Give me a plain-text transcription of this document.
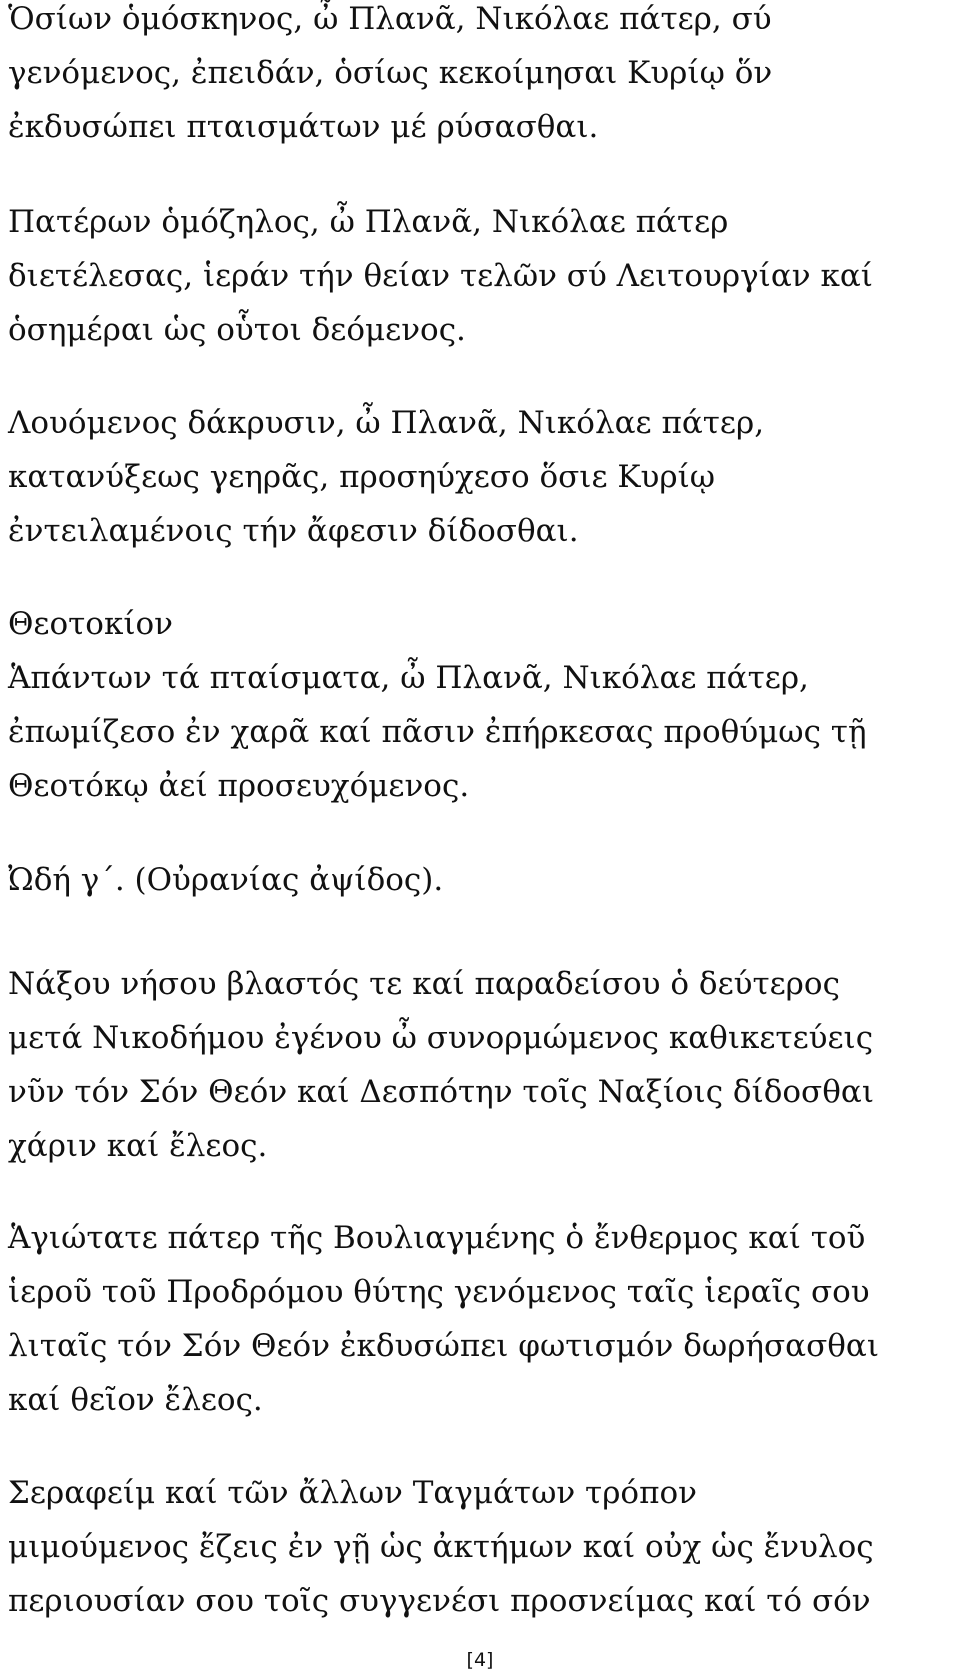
Ὁσίων ὁμόσκηνος, ὦ Πλανᾶ, Νικόλαε πάτερ, σύ
γενόμενος, ἐπειδάν, ὁσίως κεκοίμησαι Κυρίῳ ὅν
ἐκδυσώπει πταισμάτων μέ ρύσασθαι.

Πατέρων ὁμόζηλος, ὦ Πλανᾶ, Νικόλαε πάτερ
διετέλεσας, ἱεράν τήν θείαν τελῶν σύ Λειτουργίαν καί
ὁσημέραι ὡς οὗτοι δεόμενος.

Λουόμενος δάκρυσιν, ὦ Πλανᾶ, Νικόλαε πάτερ,
κατανύξεως γεηρᾶς, προσηύχεσο ὅσιε Κυρίῳ
ἐντειλαμένοις τήν ἄφεσιν δίδοσθαι.

Θεοτοκίον
Ἁπάντων τά πταίσματα, ὦ Πλανᾶ, Νικόλαε πάτερ,
ἐπωμίζεσο ἐν χαρᾶ καί πᾶσιν ἐπήρκεσας προθύμως τῇ
Θεοτόκῳ ἀεί προσευχόμενος.

Ὠδή γ΄. (Οὐρανίας ἀψίδος).

Νάξου νήσου βλαστός τε καί παραδείσου ὁ δεύτερος
μετά Νικοδήμου ἐγένου ὦ συνορμώμενος καθικετεύεις
νῦν τόν Σόν Θεόν καί Δεσπότην τοῖς Ναξίοις δίδοσθαι
χάριν καί ἔλεος.

Ἁγιώτατε πάτερ τῆς Βουλιαγμένης ὁ ἔνθερμος καί τοῦ
ἱεροῦ τοῦ Προδρόμου θύτης γενόμενος ταῖς ἱεραῖς σου
λιταῖς τόν Σόν Θεόν ἐκδυσώπει φωτισμόν δωρήσασθαι
καί θεῖον ἔλεος.

Σεραφείμ καί τῶν ἄλλων Ταγμάτων τρόπον
μιμούμενος ἔζεις ἐν γῇ ὡς ἀκτήμων καί οὐχ ὡς ἔνυλος
περιουσίαν σου τοῖς συγγενέσι προσνείμας καί τό σόν

[4]
